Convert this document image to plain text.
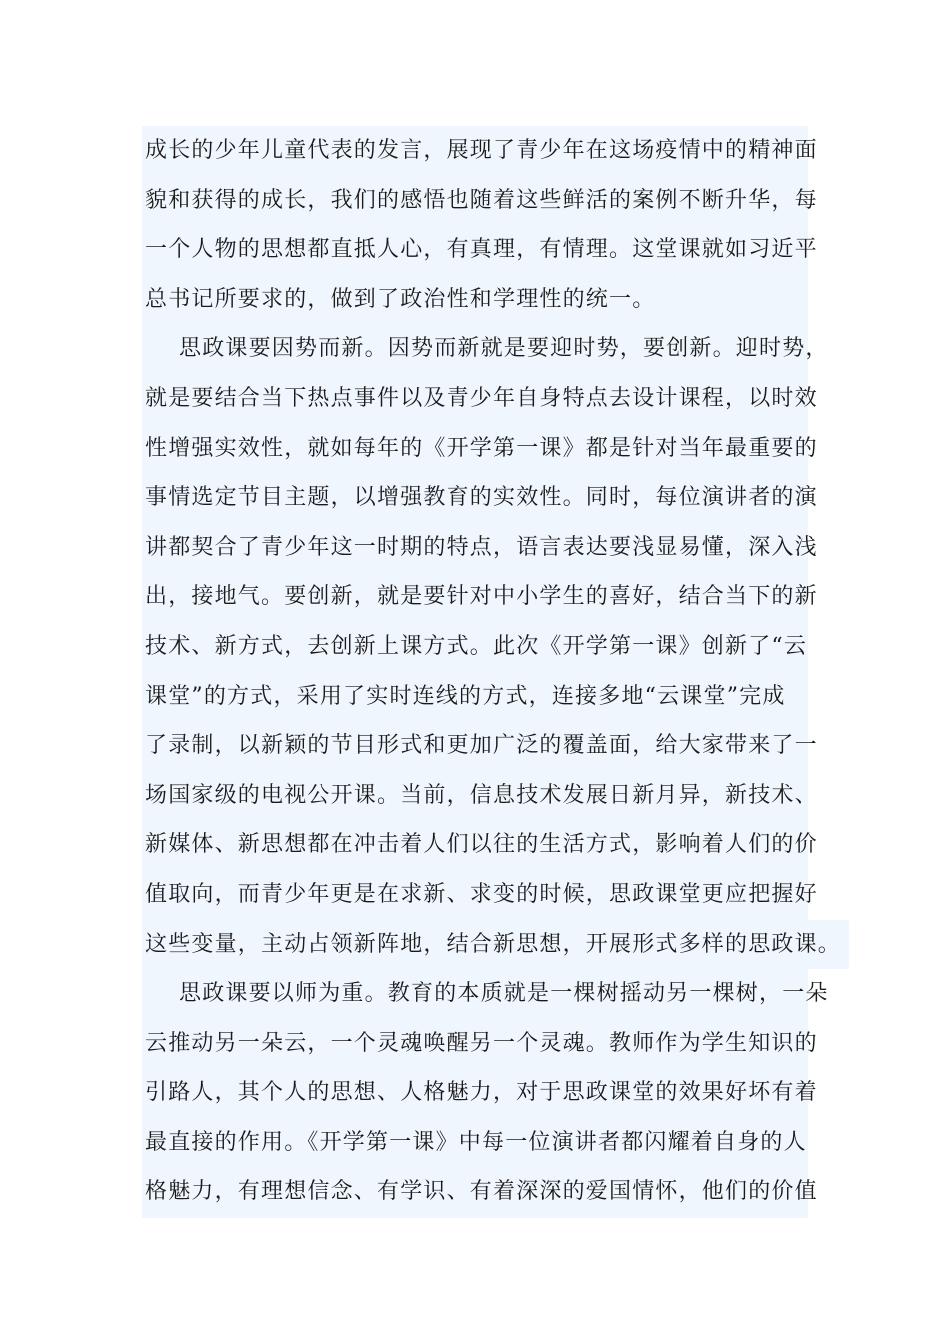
成长的少年儿童代表的发言，展现了青少年在这场疫情中的精神面
貌和获得的成长，我们的感悟也随着这些鲜活的案例不断升华，每
一个人物的思想都直抵人心，有真理，有情理。这堂课就如习近平
总书记所要求的，做到了政治性和学理性的统一。
思政课要因势而新。因势而新就是要迎时势，要创新。迎时势，
就是要结合当下热点事件以及青少年自身特点去设计课程，以时效
性增强实效性，就如每年的《开学第一课》都是针对当年最重要的
事情选定节目主题，以增强教育的实效性。同时，每位演讲者的演
讲都契合了青少年这一时期的特点，语言表达要浅显易懂，深入浅
出，接地气。要创新，就是要针对中小学生的喜好，结合当下的新
技术、新方式，去创新上课方式。此次《开学第一课》创新了“云
课堂”的方式，采用了实时连线的方式，连接多地“云课堂”完成
了录制，以新颖的节目形式和更加广泛的覆盖面，给大家带来了一
场国家级的电视公开课。当前，信息技术发展日新月异，新技术、
新媒体、新思想都在冲击着人们以往的生活方式，影响着人们的价
值取向，而青少年更是在求新、求变的时候，思政课堂更应把握好
这些变量，主动占领新阵地，结合新思想，开展形式多样的思政课。
思政课要以师为重。教育的本质就是一棵树摇动另一棵树，一朵
云推动另一朵云，一个灵魂唤醒另一个灵魂。教师作为学生知识的
引路人，其个人的思想、人格魅力，对于思政课堂的效果好坏有着
最直接的作用。《开学第一课》中每一位演讲者都闪耀着自身的人
格魅力，有理想信念、有学识、有着深深的爱国情怀，他们的价值
